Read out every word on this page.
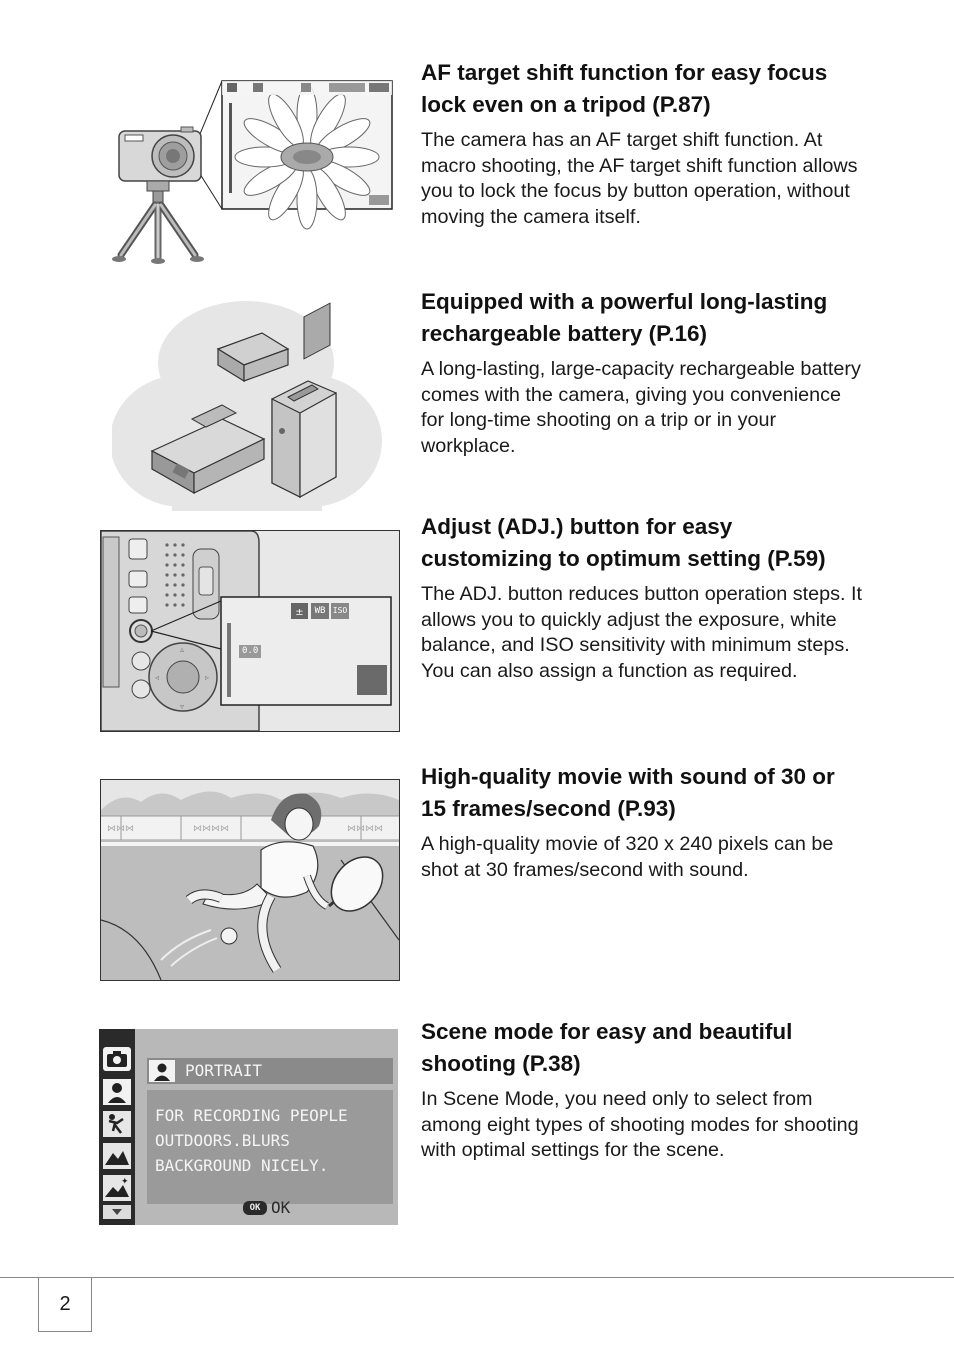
AF target shift function for easy focus lock even on a tripod (P.87)

The camera has an AF target shift function. At macro shooting, the AF target shift function allows you to lock the focus by button operation, without moving the camera itself.

Equipped with a powerful long-lasting rechargeable battery (P.16)

A long-lasting, large-capacity rechargeable battery comes with the camera, giving you convenience for long-time shooting on a trip or in your workplace.

▵
▿
◃	▹
±	WB ISO
0.0
Adjust (ADJ.) button for easy customizing to optimum setting (P.59)

The ADJ. button reduces button operation steps. It allows you to quickly adjust the exposure, white balance, and ISO sensitivity with minimum steps. You can also assign a function as required.

⋈⋈⋈	⋈⋈⋈⋈	⋈⋈⋈⋈
High-quality movie with sound of 30 or 15 frames/second (P.93)

A high-quality movie of 320 x 240 pixels can be shot at 30 frames/second with sound.

✦
PORTRAIT
FOR RECORDING PEOPLE
OUTDOORS.BLURS
BACKGROUND NICELY.
OK OK
Scene mode for easy and beautiful shooting (P.38)

In Scene Mode, you need only to select from among eight types of shooting modes for shooting with optimal settings for the scene.

2
